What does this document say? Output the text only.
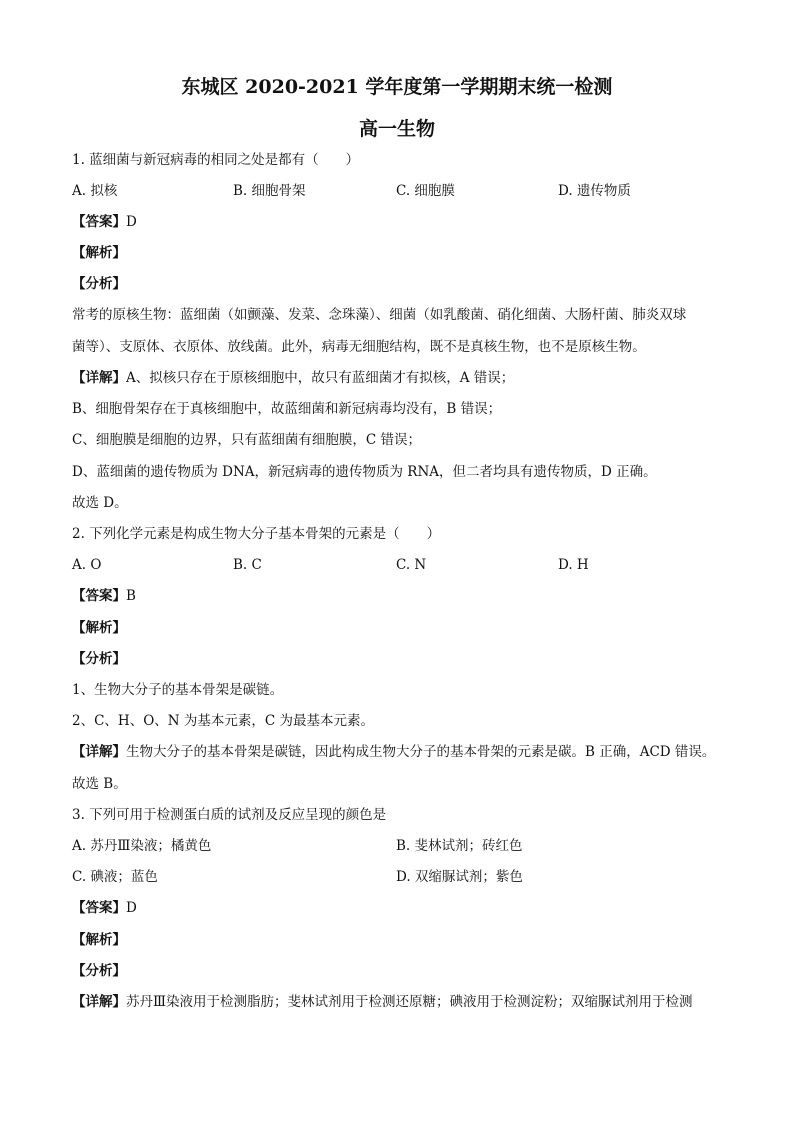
东城区 2020-2021 学年度第一学期期末统一检测
高一生物
1. 蓝细菌与新冠病毒的相同之处是都有（　　）
A. 拟核	B. 细胞骨架	C. 细胞膜	D. 遗传物质
【答案】D
【解析】
【分析】
常考的原核生物：蓝细菌（如颤藻、发菜、念珠藻）、细菌（如乳酸菌、硝化细菌、大肠杆菌、肺炎双球
菌等）、支原体、衣原体、放线菌。此外，病毒无细胞结构，既不是真核生物，也不是原核生物。
【详解】A、拟核只存在于原核细胞中，故只有蓝细菌才有拟核，A 错误；
B、细胞骨架存在于真核细胞中，故蓝细菌和新冠病毒均没有，B 错误；
C、细胞膜是细胞的边界，只有蓝细菌有细胞膜，C 错误；
D、蓝细菌的遗传物质为 DNA，新冠病毒的遗传物质为 RNA，但二者均具有遗传物质，D 正确。
故选 D。
2. 下列化学元素是构成生物大分子基本骨架的元素是（　　）
A. O	B. C	C. N	D. H
【答案】B
【解析】
【分析】
1、生物大分子的基本骨架是碳链。
2、C、H、O、N 为基本元素，C 为最基本元素。
【详解】生物大分子的基本骨架是碳链，因此构成生物大分子的基本骨架的元素是碳。B 正确，ACD 错误。
故选 B。
3. 下列可用于检测蛋白质的试剂及反应呈现的颜色是
A. 苏丹Ⅲ染液；橘黄色	B. 斐林试剂；砖红色
C. 碘液；蓝色	D. 双缩脲试剂；紫色
【答案】D
【解析】
【分析】
【详解】苏丹Ⅲ染液用于检测脂肪；斐林试剂用于检测还原糖；碘液用于检测淀粉；双缩脲试剂用于检测
